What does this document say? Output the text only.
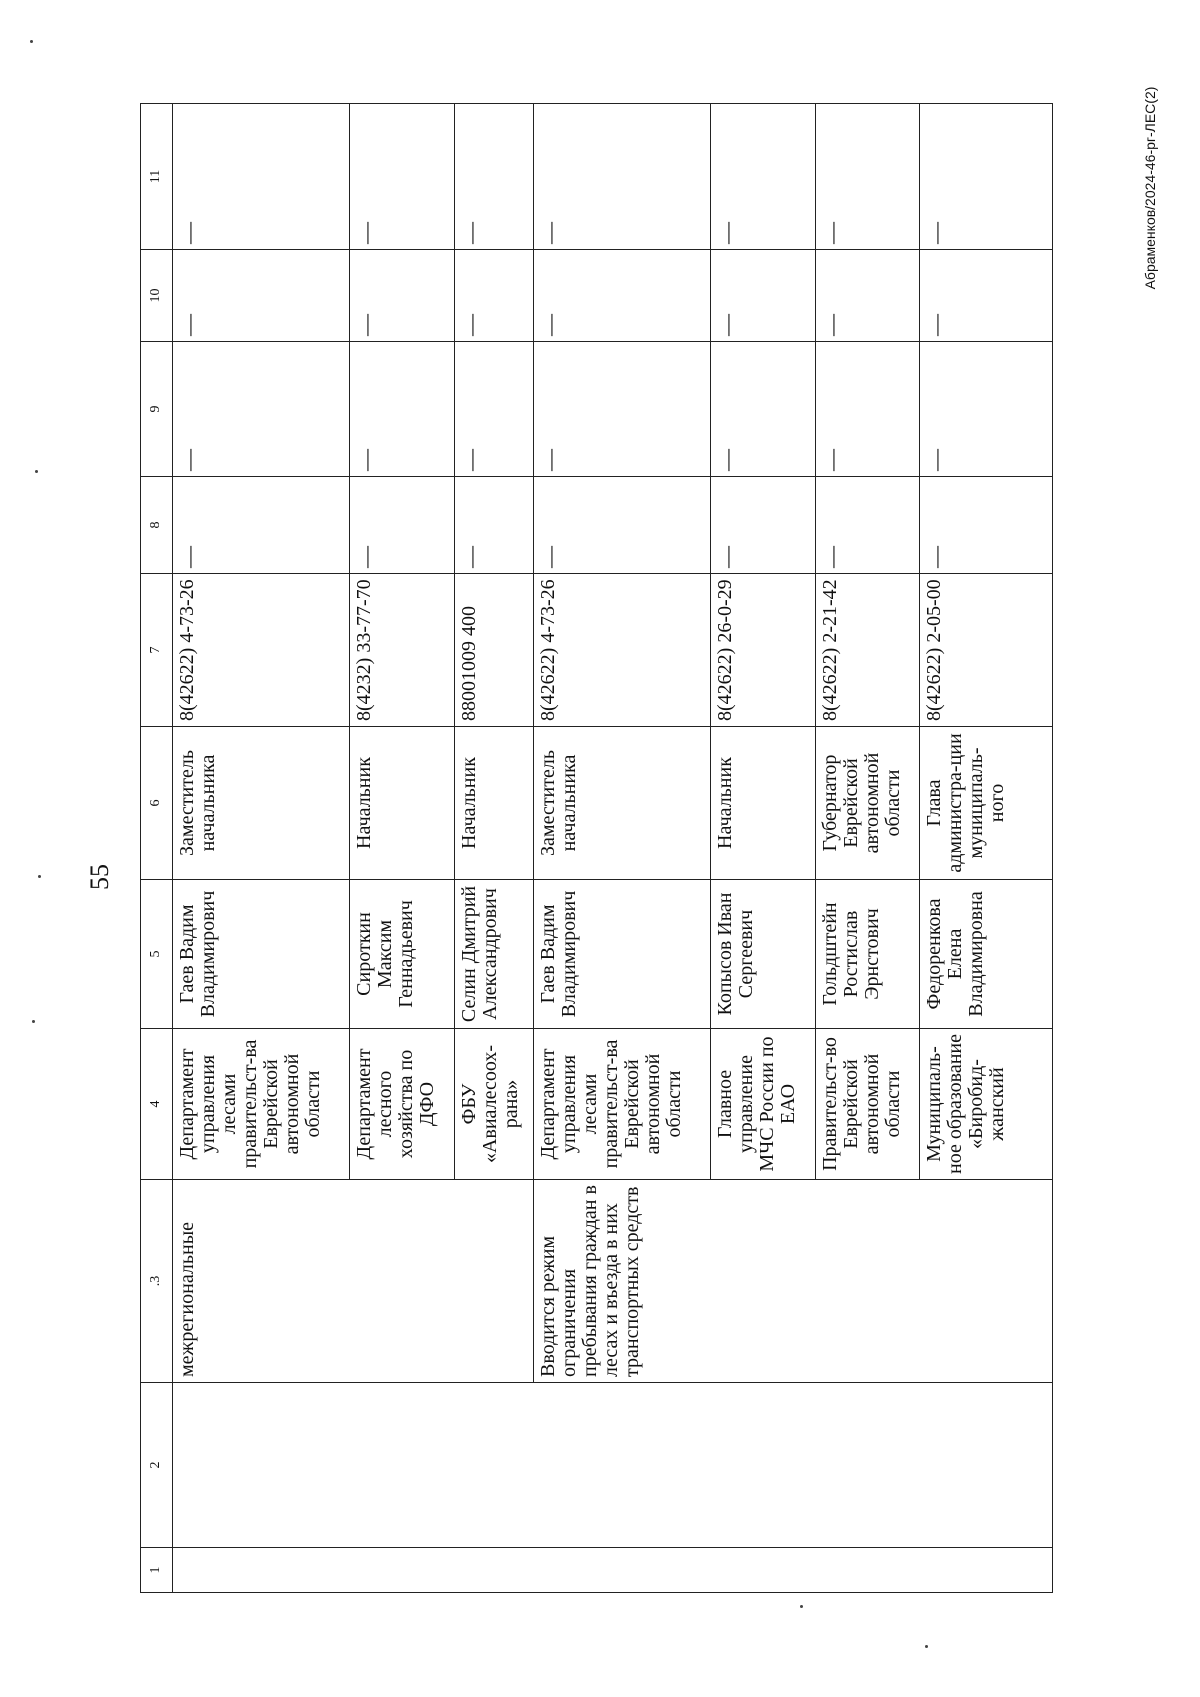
55
Абраменков/2024-46-рг-ЛЕС(2)
1	2	.3	4	5	6	7	8	9	10	11
		межрегиональные	Департамент управления лесами правительст-ва Еврейской автономной области	Гаев Вадим Владимирович	Заместитель начальника	8(42622) 4-73-26	—	—	—	—
			Департамент лесного хозяйства по ДФО	Сироткин Максим Геннадьевич	Начальник	8(4232) 33-77-70	—	—	—	—
			ФБУ «Авиалесоох-рана»	Селин Дмитрий Александрович	Начальник	88001009 400	—	—	—	—
		Вводится режим ограничения пребывания граждан в лесах и въезда в них транспортных средств	Департамент управления лесами правительст-ва Еврейской автономной области	Гаев Вадим Владимирович	Заместитель начальника	8(42622) 4-73-26	—	—	—	—
			Главное управление МЧС России по ЕАО	Копысов Иван Сергеевич	Начальник	8(42622) 26-0-29	—	—	—	—
			Правительст-во Еврейской автономной области	Гольдштейн Ростислав Эрнстович	Губернатор Еврейской автономной области	8(42622) 2-21-42	—	—	—	—
			Муниципаль-ное образование «Биробид-жанский	Федоренкова Елена Владимировна	Глава администра-ции муниципаль-ного	8(42622) 2-05-00	—	—	—	—
